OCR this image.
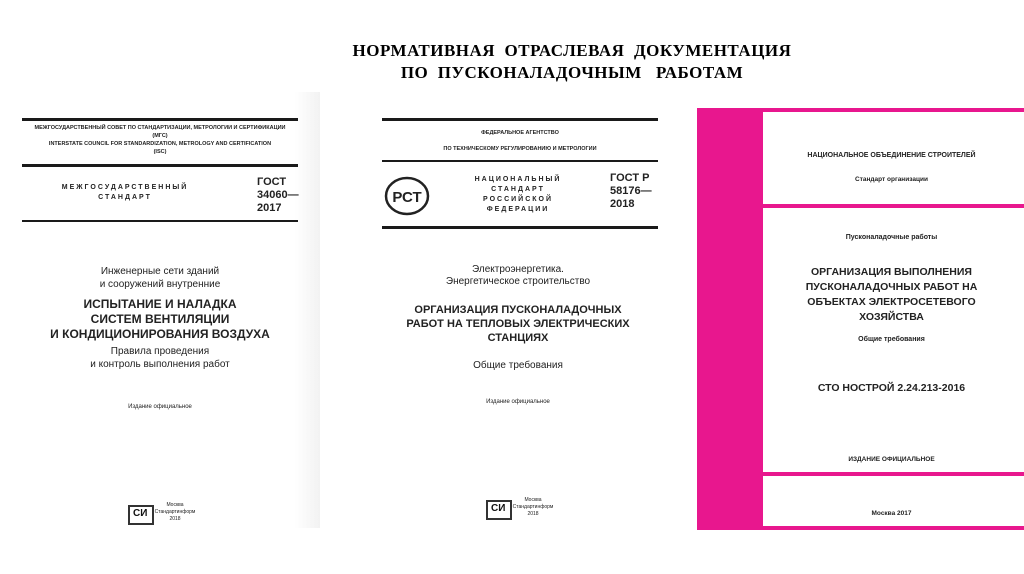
НОРМАТИВНАЯ  ОТРАСЛЕВАЯ  ДОКУМЕНТАЦИЯ
ПО  ПУСКОНАЛАДОЧНЫМ   РАБОТАМ
МЕЖГОСУДАРСТВЕННЫЙ СОВЕТ ПО СТАНДАРТИЗАЦИИ, МЕТРОЛОГИИ И СЕРТИФИКАЦИИ
(МГС)
INTERSTATE COUNCIL FOR STANDARDIZATION, METROLOGY AND CERTIFICATION
(ISC)
МЕЖГОСУДАРСТВЕННЫЙ
СТАНДАРТ
ГОСТ
34060—
2017
Инженерные сети зданий
и сооружений внутренние
ИСПЫТАНИЕ И НАЛАДКА
СИСТЕМ ВЕНТИЛЯЦИИ
И КОНДИЦИОНИРОВАНИЯ ВОЗДУХА
Правила проведения
и контроль выполнения работ
Издание официальное
СИ
Москва
Стандартинформ
2018
ФЕДЕРАЛЬНОЕ АГЕНТСТВО
ПО ТЕХНИЧЕСКОМУ РЕГУЛИРОВАНИЮ И МЕТРОЛОГИИ
РСТ
НАЦИОНАЛЬНЫЙ
СТАНДАРТ
РОССИЙСКОЙ
ФЕДЕРАЦИИ
ГОСТ Р
58176—
2018
Электроэнергетика.
Энергетическое строительство
ОРГАНИЗАЦИЯ ПУСКОНАЛАДОЧНЫХ
РАБОТ НА ТЕПЛОВЫХ ЭЛЕКТРИЧЕСКИХ
СТАНЦИЯХ
Общие требования
Издание официальное
СИ
Москва
Стандартинформ
2018
НАЦИОНАЛЬНОЕ ОБЪЕДИНЕНИЕ СТРОИТЕЛЕЙ
Стандарт организации
Пусконаладочные работы
ОРГАНИЗАЦИЯ ВЫПОЛНЕНИЯ
ПУСКОНАЛАДОЧНЫХ РАБОТ НА
ОБЪЕКТАХ ЭЛЕКТРОСЕТЕВОГО
ХОЗЯЙСТВА
Общие требования
СТО НОСТРОЙ 2.24.213-2016
ИЗДАНИЕ ОФИЦИАЛЬНОЕ
Москва 2017
